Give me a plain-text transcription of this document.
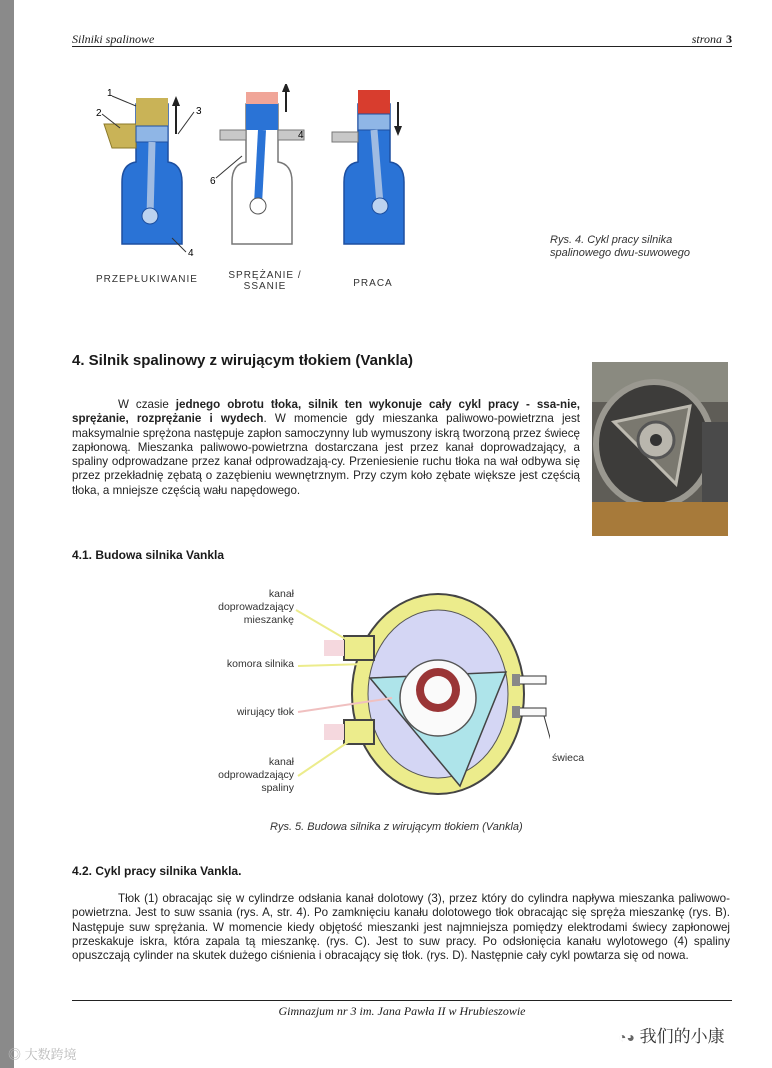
Silniki spalinowe	strona 3
1
2	3
4
4
6
PRZEPŁUKIWANIE	SPRĘŻANIE /
SSANIE	PRACA
Rys. 4. Cykl pracy silnika spalinowego dwu-suwowego
4. Silnik spalinowy z wirującym tłokiem (Vankla)
W czasie jednego obrotu tłoka, silnik ten wykonuje cały cykl pracy - ssa-nie, sprężanie, rozprężanie i wydech. W momencie gdy mieszanka paliwowo-powietrzna jest maksymalnie sprężona następuje zapłon samoczynny lub wymuszony iskrą tworzoną przez świecę zapłonową. Mieszanka paliwowo-powietrzna dostarczana jest przez kanał doprowadzający, a spaliny odprowadzane przez kanał odprowadzają-cy. Przeniesienie ruchu tłoka na wał odbywa się przez przekładnię zębatą o zazębieniu wewnętrznym. Przy czym koło zębate większe jest częścią tłoka, a mniejsze częścią wału napędowego.
4.1. Budowa silnika Vankla
kanał
doprowadzający
mieszankę
komora silnika
wirujący tłok
kanał
odprowadzający
spaliny
świeca
Rys. 5. Budowa silnika z wirującym tłokiem (Vankla)
4.2. Cykl pracy silnika Vankla.
Tłok (1) obracając się w cylindrze odsłania kanał dolotowy (3), przez który do cylindra napływa mieszanka paliwowo-powietrzna. Jest to suw ssania (rys. A, str. 4). Po zamknięciu kanału dolotowego tłok obracając się spręża mieszankę (rys. B). Następuje suw sprężania. W momencie kiedy objętość mieszanki jest najmniejsza pomiędzy elektrodami świecy zapłonowej przeskakuje iskra, która zapala tą mieszankę. (rys. C). Jest to suw pracy. Po odsłonięcia kanału wylotowego (4) spaliny opuszczają cylinder na skutek dużego ciśnienia i obracający się tłok. (rys. D). Następnie cały cykl powtarza się od nowa.
Gimnazjum nr 3 im. Jana Pawła II w Hrubieszowie
◔◕ 我们的小康
◎ 大数跨境
